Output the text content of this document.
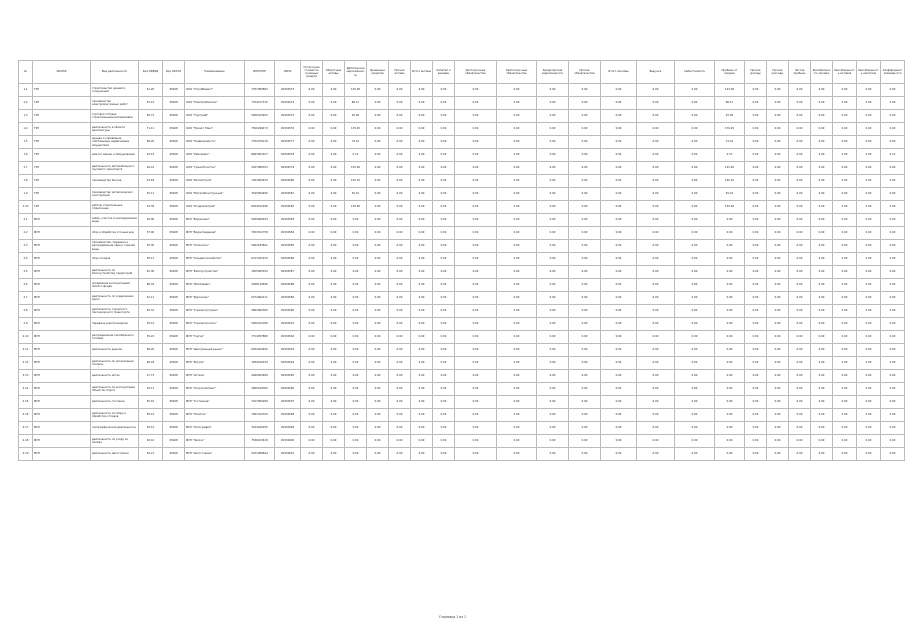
№	ОКОПФ	Вид деятельности	Код ОКВЭД	Код ОКАТО	Наименование	ИНН/КПП	ОКПО	Остаточная стоимость основных средств	Оборотные активы	Дебиторская задолженность	Денежные средства	Прочие активы	Итого активы	Капитал и резервы	Долгосрочные обязательства	Краткосрочные обязательства	Кредиторская задолженность	Прочие обязательства	Итого пассивы	Выручка	Себестоимость	Прибыль от продаж	Прочие доходы	Прочие расходы	Чистая прибыль	Рентабельность продаж	Рентабельность активов	Рентабельность капитала	Коэффициент ликвидности
1.1	ГУП	строительство зданий и сооружений	41.20	45268	ООО "СтройИнвест"	7707083893	02934573	0.00	0.00	125.00	0.00	0.00	0.00	0.00	0.00	0.00	0.00	0.00	0.00	0.00	0.00	123.00	0.00	0.00	0.00	0.00	0.00	0.00	0.00
1.2	ГУП	производство электромонтажных работ	43.21	45268	ООО "ЭлектроМонтаж"	7704217370	02934574	0.00	0.00	86.11	0.00	0.00	0.00	0.00	0.00	0.00	0.00	0.00	0.00	0.00	0.00	86.11	0.00	0.00	0.00	0.00	0.00	0.00	0.00
1.3	ГУП	торговля оптовая строительными материалами	46.73	45268	ООО "ТоргСнаб"	5406323202	02934575	0.00	0.00	45.00	0.00	0.00	0.00	0.00	0.00	0.00	0.00	0.00	0.00	0.00	0.00	45.00	0.00	0.00	0.00	0.00	0.00	0.00	0.00
1.4	ГУП	деятельность в области архитектуры	71.11	45268	ООО "Проект Плюс"	7810296473	02934576	0.00	0.00	170.25	0.00	0.00	0.00	0.00	0.00	0.00	0.00	0.00	0.00	0.00	0.00	170.25	0.00	0.00	0.00	0.00	0.00	0.00	0.00
1.5	ГУП	аренда и управление собственным недвижимым имуществом	68.20	45268	ООО "Недвижимость"	7702070139	02934577	0.00	0.00	74.10	0.00	0.00	0.00	0.00	0.00	0.00	0.00	0.00	0.00	0.00	0.00	74.10	0.00	0.00	0.00	0.00	0.00	0.00	0.00
1.6	ГУП	ремонт машин и оборудования	33.12	45268	ООО "Ремсервис"	6663003127	02934578	0.00	0.00	0.13	0.00	0.00	0.00	0.00	0.00	0.00	0.00	0.00	0.00	0.00	0.00	0.13	0.00	0.00	0.00	0.00	0.00	0.00	0.13
1.7	ГУП	деятельность автомобильного грузового транспорта	49.41	45268	ООО "ТрансЛогистик"	5027089703	02934579	0.00	0.00	125.00	0.00	0.00	0.00	0.00	0.00	0.00	0.00	0.00	0.00	0.00	0.00	125.00	0.00	0.00	0.00	0.00	0.00	0.00	0.00
1.8	ГУП	производство бетона	23.63	45268	ООО "БетонСтрой"	7203000979	02934580	0.00	0.00	130.10	0.00	0.00	0.00	0.00	0.00	0.00	0.00	0.00	0.00	0.00	0.00	130.10	0.00	0.00	0.00	0.00	0.00	0.00	0.00
1.9	ГУП	производство металлических конструкций	25.11	45268	ООО "МеталлКонструкция"	3525064930	02934581	0.00	0.00	45.10	0.00	0.00	0.00	0.00	0.00	0.00	0.00	0.00	0.00	0.00	0.00	45.10	0.00	0.00	0.00	0.00	0.00	0.00	0.00
1.10	ГУП	работы строительные отделочные	43.39	45268	ООО "ОтделкаСтрой"	6164102186	02934582	0.00	0.00	139.00	0.00	0.00	0.00	0.00	0.00	0.00	0.00	0.00	0.00	0.00	0.00	139.00	0.00	0.00	0.00	0.00	0.00	0.00	0.00
2.1	МУП	забор, очистка и распределение воды	36.00	45268	МУП "Водоканал"	5260000034	02934583	0.00	0.00	0.00	0.00	0.00	0.00	0.00	0.00	0.00	0.00	0.00	0.00	0.00	0.00	0.00	0.00	0.00	0.00	0.00	0.00	0.00	0.00
2.2	МУП	сбор и обработка сточных вод	37.00	45268	МУП "Водоотведение"	7453011758	02934584	0.00	0.00	0.00	0.00	0.00	0.00	0.00	0.00	0.00	0.00	0.00	0.00	0.00	0.00	0.00	0.00	0.00	0.00	0.00	0.00	0.00	0.00
2.3	МУП	производство, передача и распределение пара и горячей воды	35.30	45268	МУП "Теплосеть"	5902183841	02934585	0.00	0.00	0.00	0.00	0.00	0.00	0.00	0.00	0.00	0.00	0.00	0.00	0.00	0.00	0.00	0.00	0.00	0.00	0.00	0.00	0.00	0.00
2.4	МУП	сбор отходов	38.11	45268	МУП "Спецавтохозяйство"	6317021970	02934586	0.00	0.00	0.00	0.00	0.00	0.00	0.00	0.00	0.00	0.00	0.00	0.00	0.00	0.00	0.00	0.00	0.00	0.00	0.00	0.00	0.00	0.00
2.5	МУП	деятельность по благоустройству территорий	81.30	45268	МУП "Благоустройство"	1655065554	02934587	0.00	0.00	0.00	0.00	0.00	0.00	0.00	0.00	0.00	0.00	0.00	0.00	0.00	0.00	0.00	0.00	0.00	0.00	0.00	0.00	0.00	0.00
2.6	МУП	управление эксплуатацией жилого фонда	68.32	45268	МУП "ЖилСервис"	2308119595	02934588	0.00	0.00	0.00	0.00	0.00	0.00	0.00	0.00	0.00	0.00	0.00	0.00	0.00	0.00	0.00	0.00	0.00	0.00	0.00	0.00	0.00	0.00
2.7	МУП	деятельность по содержанию дорог	42.11	45268	МУП "Дорожник"	0274062111	02934589	0.00	0.00	0.00	0.00	0.00	0.00	0.00	0.00	0.00	0.00	0.00	0.00	0.00	0.00	0.00	0.00	0.00	0.00	0.00	0.00	0.00	0.00
2.8	МУП	деятельность городского пассажирского транспорта	49.31	45268	МУП "Горэлектротранс"	3664062360	02934590	0.00	0.00	0.00	0.00	0.00	0.00	0.00	0.00	0.00	0.00	0.00	0.00	0.00	0.00	0.00	0.00	0.00	0.00	0.00	0.00	0.00	0.00
2.9	МУП	передача электроэнергии	35.12	45268	МУП "Горэлектросеть"	5406011186	02934591	0.00	0.00	0.00	0.00	0.00	0.00	0.00	0.00	0.00	0.00	0.00	0.00	0.00	0.00	0.00	0.00	0.00	0.00	0.00	0.00	0.00	0.00
2.10	МУП	распределение газообразного топлива	35.22	45268	МУП "Горгаз"	7714057880	02934592	0.00	0.00	0.00	0.00	0.00	0.00	0.00	0.00	0.00	0.00	0.00	0.00	0.00	0.00	0.00	0.00	0.00	0.00	0.00	0.00	0.00	0.00
2.11	МУП	деятельность рынков	68.20	45268	МУП "Центральный рынок"	6452024495	02934593	0.00	0.00	0.00	0.00	0.00	0.00	0.00	0.00	0.00	0.00	0.00	0.00	0.00	0.00	0.00	0.00	0.00	0.00	0.00	0.00	0.00	0.00
2.12	МУП	деятельность по организации похорон	96.03	45268	МУП "Ритуал"	1834100334	02934594	0.00	0.00	0.00	0.00	0.00	0.00	0.00	0.00	0.00	0.00	0.00	0.00	0.00	0.00	0.00	0.00	0.00	0.00	0.00	0.00	0.00	0.00
2.13	МУП	деятельность аптек	47.73	45268	МУП "Аптека"	2460002949	02934595	0.00	0.00	0.00	0.00	0.00	0.00	0.00	0.00	0.00	0.00	0.00	0.00	0.00	0.00	0.00	0.00	0.00	0.00	0.00	0.00	0.00	0.00
2.14	МУП	деятельность по эксплуатации объектов спорта	93.11	45268	МУП "Спорткомплекс"	3905019765	02934596	0.00	0.00	0.00	0.00	0.00	0.00	0.00	0.00	0.00	0.00	0.00	0.00	0.00	0.00	0.00	0.00	0.00	0.00	0.00	0.00	0.00	0.00
2.15	МУП	деятельность гостиниц	55.10	45268	МУП "Гостиница"	7017005289	02934597	0.00	0.00	0.00	0.00	0.00	0.00	0.00	0.00	0.00	0.00	0.00	0.00	0.00	0.00	0.00	0.00	0.00	0.00	0.00	0.00	0.00	0.00
2.16	МУП	деятельность по сбору и обработке отходов	38.21	45268	МУП "Полигон"	1001012709	02934598	0.00	0.00	0.00	0.00	0.00	0.00	0.00	0.00	0.00	0.00	0.00	0.00	0.00	0.00	0.00	0.00	0.00	0.00	0.00	0.00	0.00	0.00
2.17	МУП	полиграфическая деятельность	18.12	45268	МУП "Типография"	3444049035	02934599	0.00	0.00	0.00	0.00	0.00	0.00	0.00	0.00	0.00	0.00	0.00	0.00	0.00	0.00	0.00	0.00	0.00	0.00	0.00	0.00	0.00	0.00
2.18	МУП	деятельность по уходу за лесами	02.10	45268	МУП "Лесхоз"	7536013418	02934600	0.00	0.00	0.00	0.00	0.00	0.00	0.00	0.00	0.00	0.00	0.00	0.00	0.00	0.00	0.00	0.00	0.00	0.00	0.00	0.00	0.00	0.00
2.19	МУП	деятельность автостоянок	52.21	45268	МУП "Автостоянка"	2221008644	02934601	0.00	0.00	0.00	0.00	0.00	0.00	0.00	0.00	0.00	0.00	0.00	0.00	0.00	0.00	0.00	0.00	0.00	0.00	0.00	0.00	0.00	0.00
Страница 1 из 1
